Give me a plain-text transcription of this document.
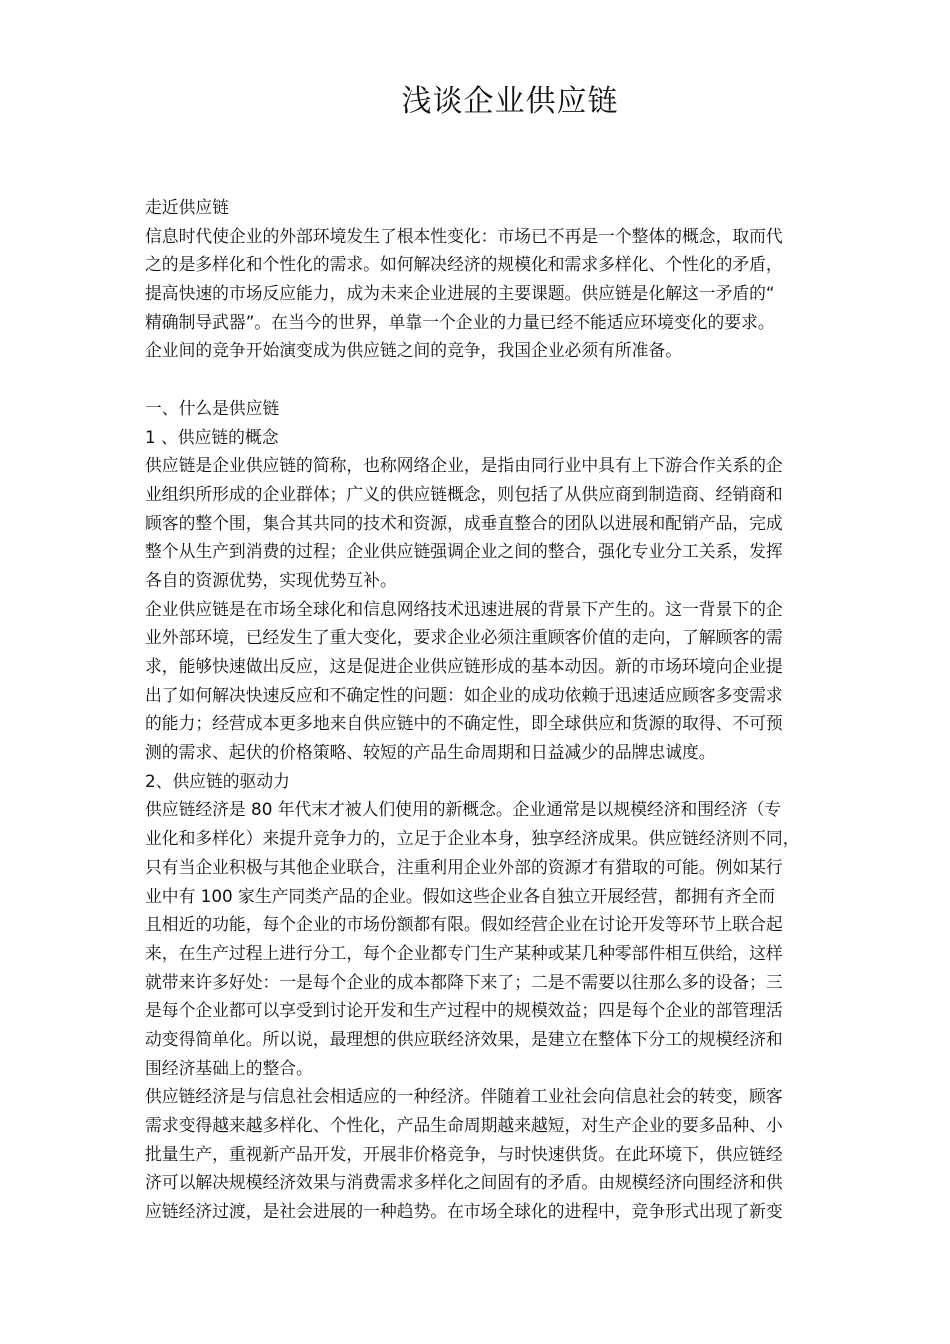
浅谈企业供应链
走近供应链
信息时代使企业的外部环境发生了根本性变化：市场已不再是一个整体的概念，取而代
之的是多样化和个性化的需求。如何解决经济的规模化和需求多样化、个性化的矛盾，
提高快速的市场反应能力，成为未来企业进展的主要课题。供应链是化解这一矛盾的“
精确制导武器”。在当今的世界，单靠一个企业的力量已经不能适应环境变化的要求。
企业间的竞争开始演变成为供应链之间的竞争，我国企业必须有所准备。
一、什么是供应链
1 、供应链的概念
供应链是企业供应链的简称，也称网络企业，是指由同行业中具有上下游合作关系的企
业组织所形成的企业群体；广义的供应链概念，则包括了从供应商到制造商、经销商和
顾客的整个围，集合其共同的技术和资源，成垂直整合的团队以进展和配销产品，完成
整个从生产到消费的过程；企业供应链强调企业之间的整合，强化专业分工关系，发挥
各自的资源优势，实现优势互补。
企业供应链是在市场全球化和信息网络技术迅速进展的背景下产生的。这一背景下的企
业外部环境，已经发生了重大变化，要求企业必须注重顾客价值的走向，了解顾客的需
求，能够快速做出反应，这是促进企业供应链形成的基本动因。新的市场环境向企业提
出了如何解决快速反应和不确定性的问题：如企业的成功依赖于迅速适应顾客多变需求
的能力；经营成本更多地来自供应链中的不确定性，即全球供应和货源的取得、不可预
测的需求、起伏的价格策略、较短的产品生命周期和日益减少的品牌忠诚度。
2、供应链的驱动力
供应链经济是 80 年代末才被人们使用的新概念。企业通常是以规模经济和围经济（专
业化和多样化）来提升竞争力的，立足于企业本身，独享经济成果。供应链经济则不同，
只有当企业积极与其他企业联合，注重利用企业外部的资源才有猎取的可能。例如某行
业中有 100 家生产同类产品的企业。假如这些企业各自独立开展经营，都拥有齐全而
且相近的功能，每个企业的市场份额都有限。假如经营企业在讨论开发等环节上联合起
来，在生产过程上进行分工，每个企业都专门生产某种或某几种零部件相互供给，这样
就带来许多好处：一是每个企业的成本都降下来了；二是不需要以往那么多的设备；三
是每个企业都可以享受到讨论开发和生产过程中的规模效益；四是每个企业的部管理活
动变得简单化。所以说，最理想的供应联经济效果，是建立在整体下分工的规模经济和
围经济基础上的整合。
供应链经济是与信息社会相适应的一种经济。伴随着工业社会向信息社会的转变，顾客
需求变得越来越多样化、个性化，产品生命周期越来越短，对生产企业的要多品种、小
批量生产，重视新产品开发，开展非价格竞争，与时快速供货。在此环境下，供应链经
济可以解决规模经济效果与消费需求多样化之间固有的矛盾。由规模经济向围经济和供
应链经济过渡，是社会进展的一种趋势。在市场全球化的进程中，竞争形式出现了新变
